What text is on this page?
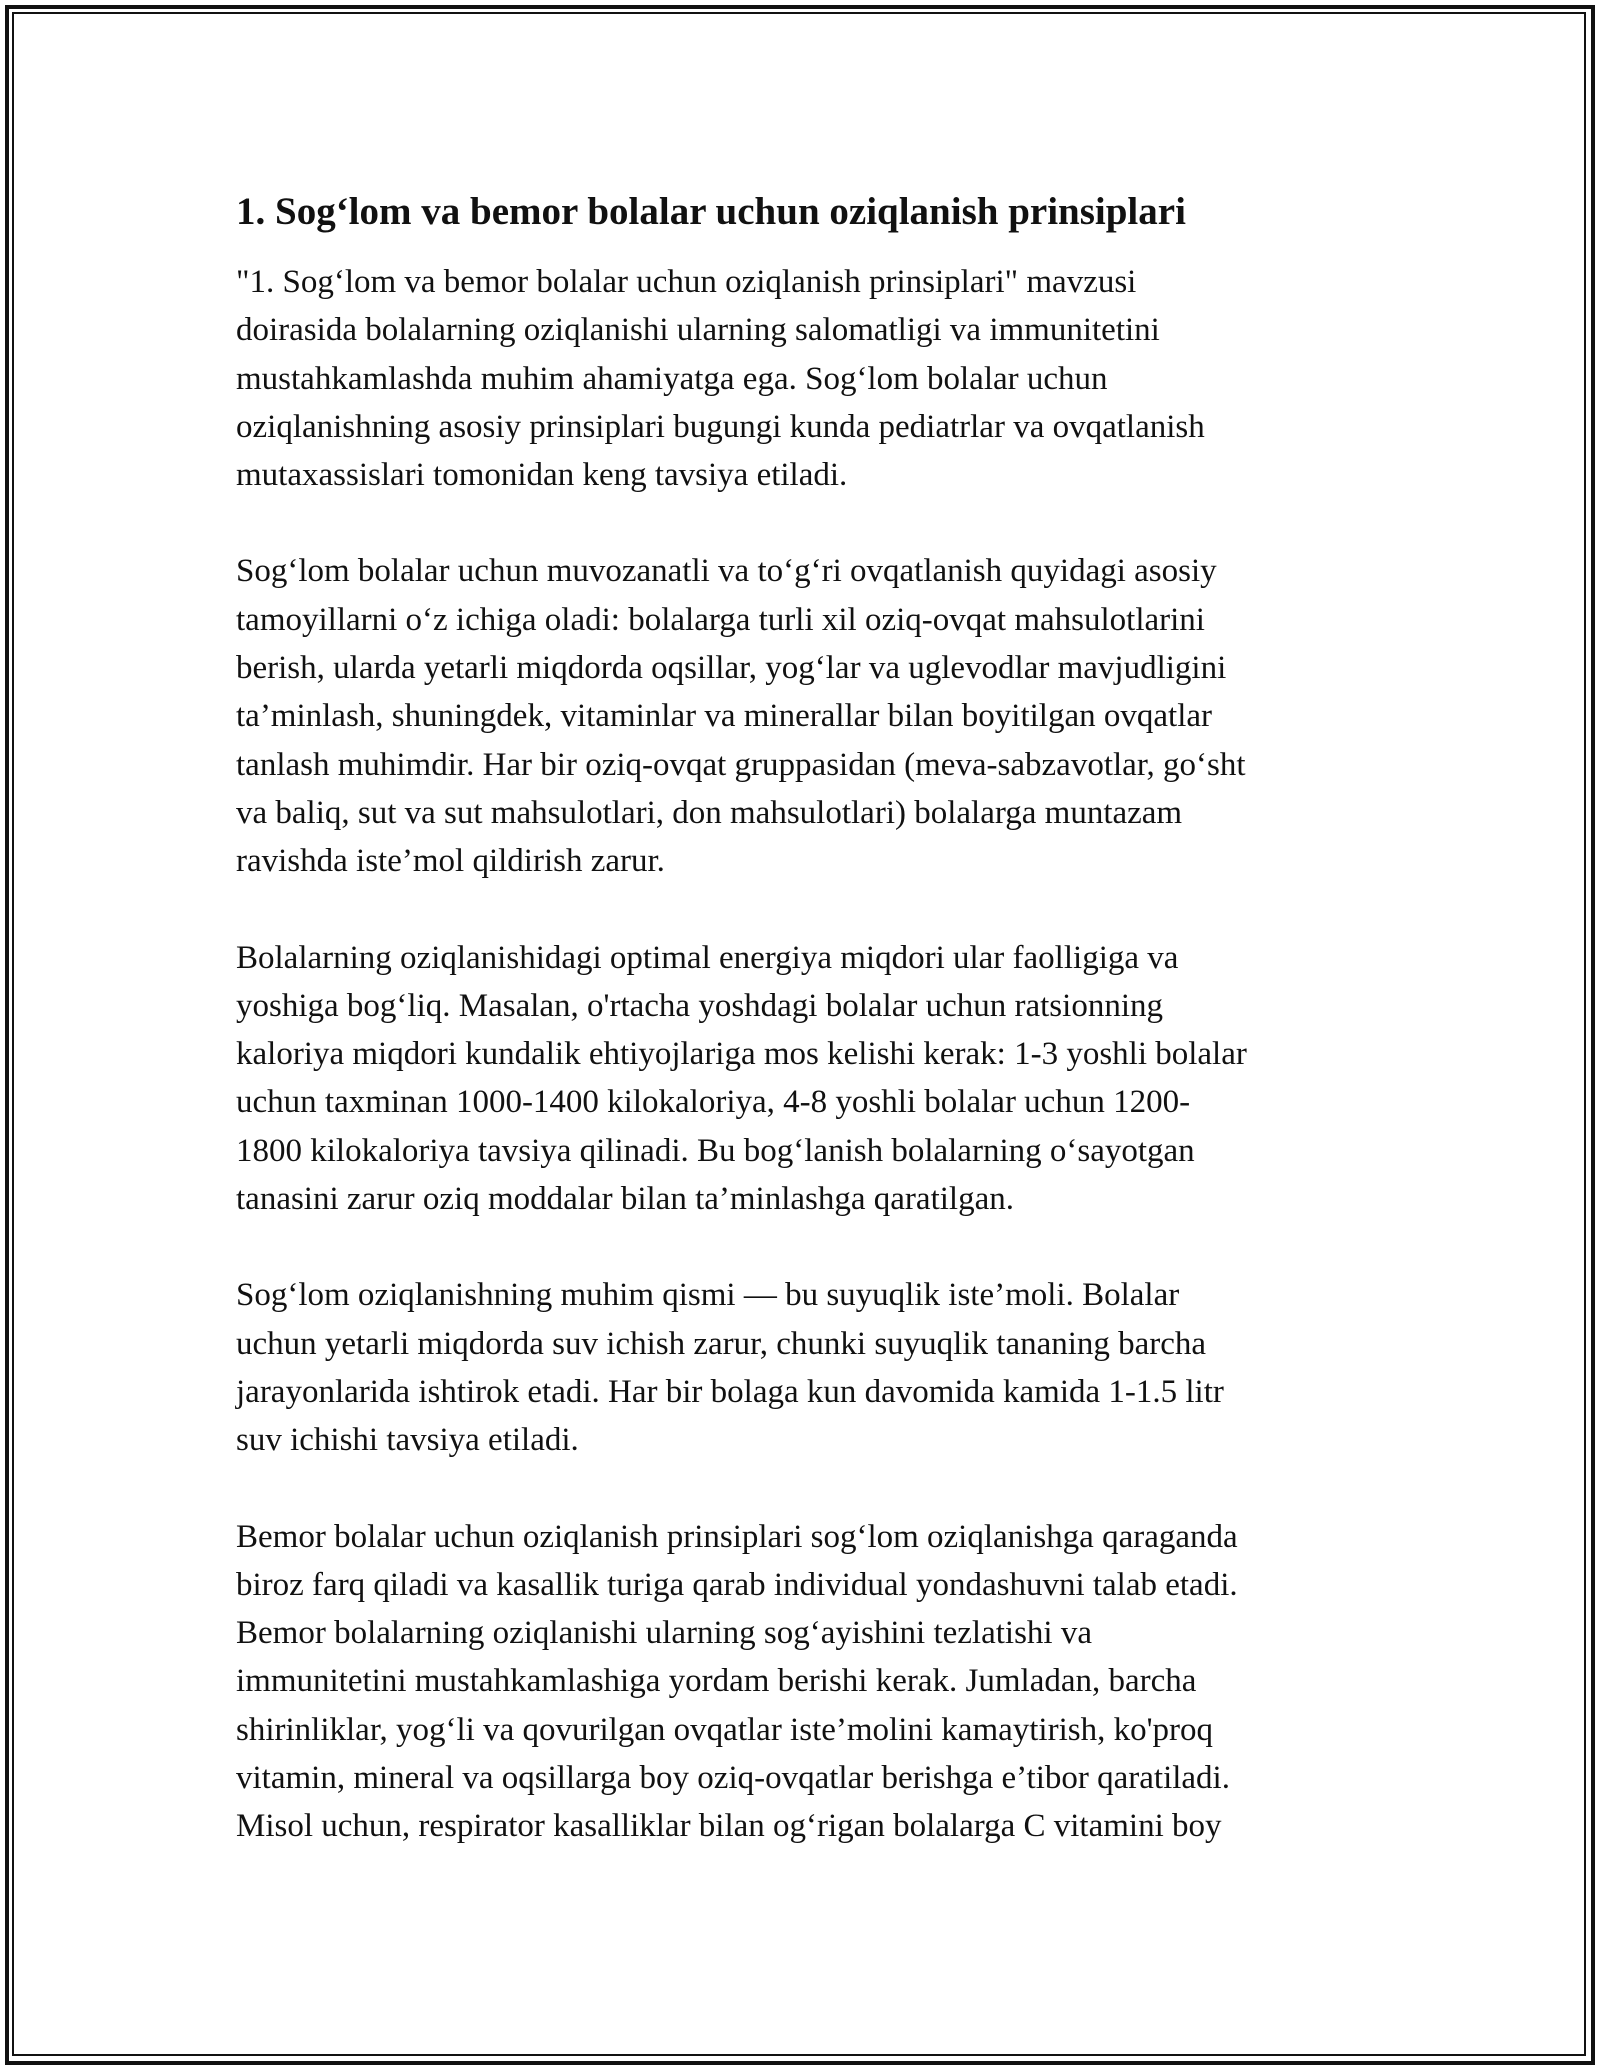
1. Sog‘lom va bemor bolalar uchun oziqlanish prinsiplari

"1. Sog‘lom va bemor bolalar uchun oziqlanish prinsiplari" mavzusi
doirasida bolalarning oziqlanishi ularning salomatligi va immunitetini
mustahkamlashda muhim ahamiyatga ega. Sog‘lom bolalar uchun
oziqlanishning asosiy prinsiplari bugungi kunda pediatrlar va ovqatlanish
mutaxassislari tomonidan keng tavsiya etiladi.

Sog‘lom bolalar uchun muvozanatli va to‘g‘ri ovqatlanish quyidagi asosiy
tamoyillarni o‘z ichiga oladi: bolalarga turli xil oziq-ovqat mahsulotlarini
berish, ularda yetarli miqdorda oqsillar, yog‘lar va uglevodlar mavjudligini
ta’minlash, shuningdek, vitaminlar va minerallar bilan boyitilgan ovqatlar
tanlash muhimdir. Har bir oziq-ovqat gruppasidan (meva-sabzavotlar, go‘sht
va baliq, sut va sut mahsulotlari, don mahsulotlari) bolalarga muntazam
ravishda iste’mol qildirish zarur.

Bolalarning oziqlanishidagi optimal energiya miqdori ular faolligiga va
yoshiga bog‘liq. Masalan, o'rtacha yoshdagi bolalar uchun ratsionning
kaloriya miqdori kundalik ehtiyojlariga mos kelishi kerak: 1-3 yoshli bolalar
uchun taxminan 1000-1400 kilokaloriya, 4-8 yoshli bolalar uchun 1200-
1800 kilokaloriya tavsiya qilinadi. Bu bog‘lanish bolalarning o‘sayotgan
tanasini zarur oziq moddalar bilan ta’minlashga qaratilgan.

Sog‘lom oziqlanishning muhim qismi — bu suyuqlik iste’moli. Bolalar
uchun yetarli miqdorda suv ichish zarur, chunki suyuqlik tananing barcha
jarayonlarida ishtirok etadi. Har bir bolaga kun davomida kamida 1-1.5 litr
suv ichishi tavsiya etiladi.

Bemor bolalar uchun oziqlanish prinsiplari sog‘lom oziqlanishga qaraganda
biroz farq qiladi va kasallik turiga qarab individual yondashuvni talab etadi.
Bemor bolalarning oziqlanishi ularning sog‘ayishini tezlatishi va
immunitetini mustahkamlashiga yordam berishi kerak. Jumladan, barcha
shirinliklar, yog‘li va qovurilgan ovqatlar iste’molini kamaytirish, ko'proq
vitamin, mineral va oqsillarga boy oziq-ovqatlar berishga e’tibor qaratiladi.
Misol uchun, respirator kasalliklar bilan og‘rigan bolalarga C vitamini boy
